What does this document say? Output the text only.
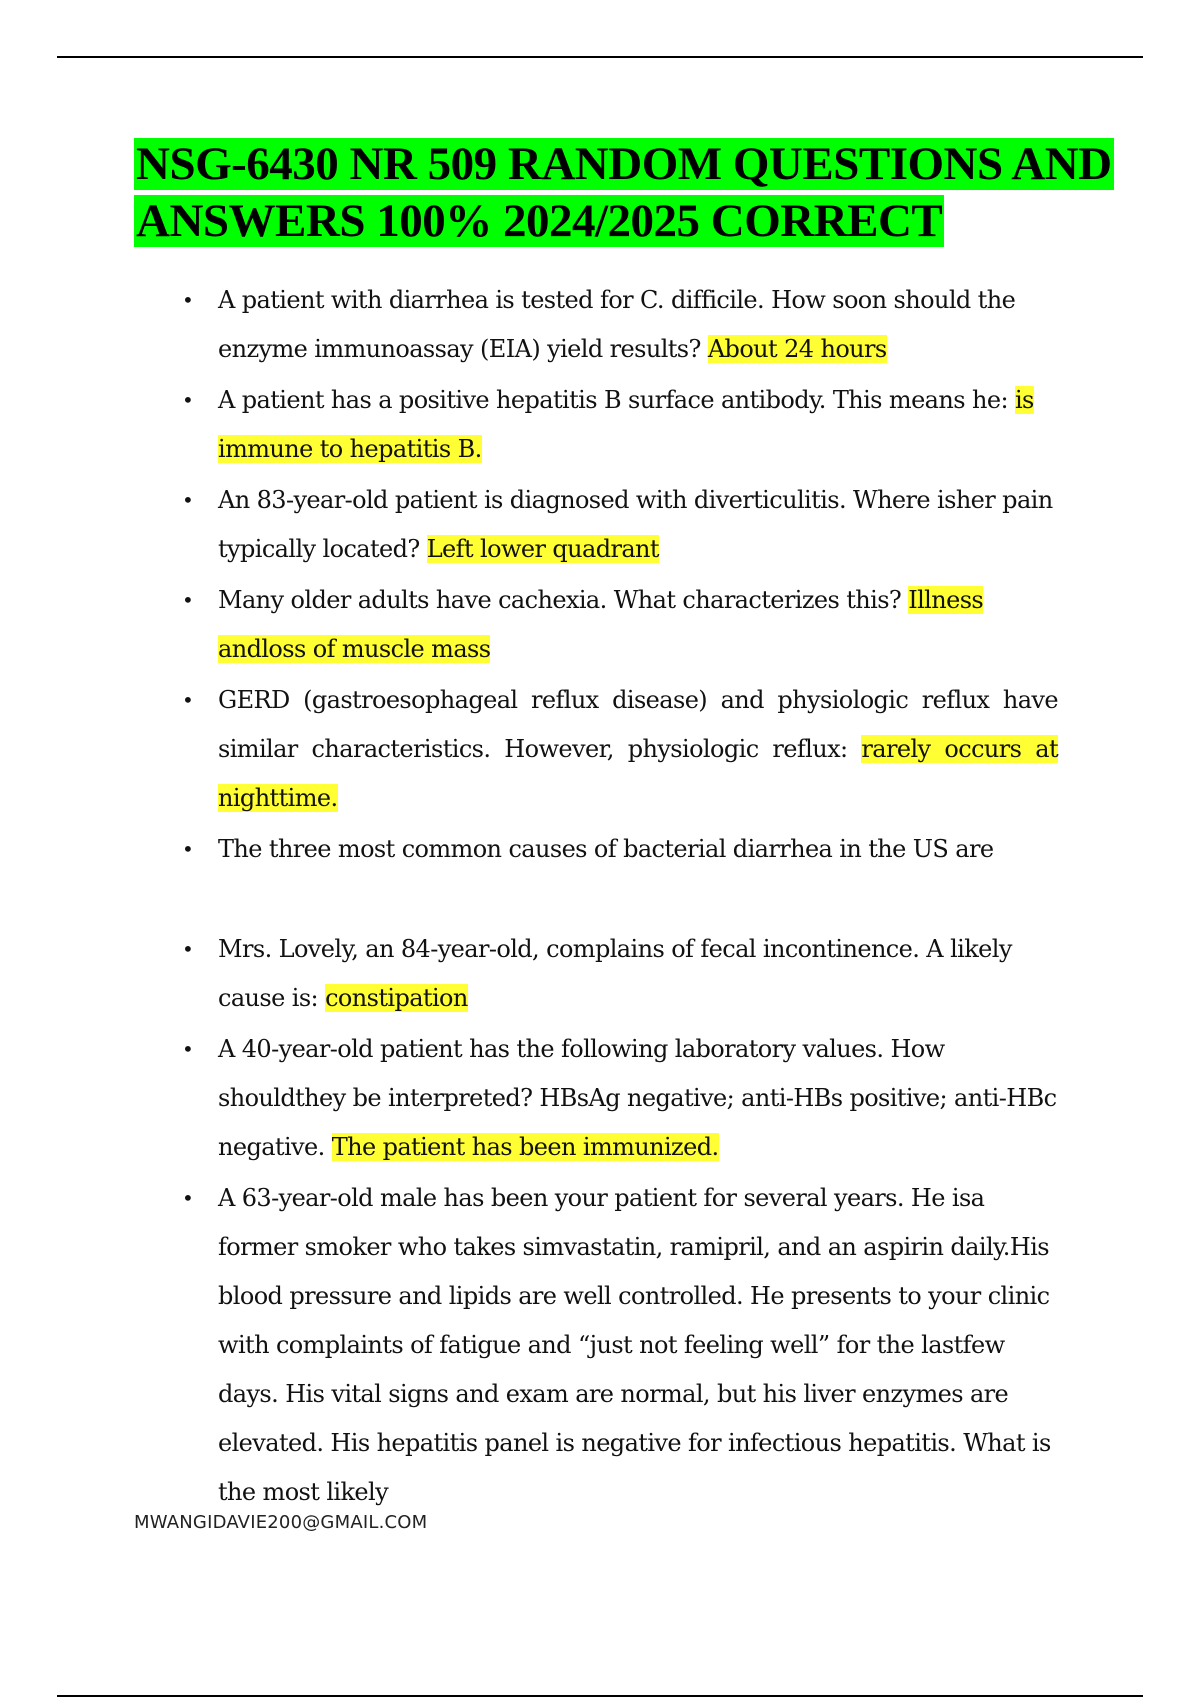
NSG-6430 NR 509 RANDOM QUESTIONS AND ANSWERS 100% 2024/2025 CORRECT
• A patient with diarrhea is tested for C. difficile. How soon should the enzyme immunoassay (EIA) yield results? About 24 hours
• A patient has a positive hepatitis B surface antibody. This means he: is immune to hepatitis B.
• An 83-year-old patient is diagnosed with diverticulitis. Where isher pain typically located? Left lower quadrant
• Many older adults have cachexia. What characterizes this? Illness andloss of muscle mass
• GERD (gastroesophageal reflux disease) and physiologic reflux have similar characteristics. However, physiologic reflux: rarely occurs at nighttime.
• The three most common causes of bacterial diarrhea in the US are
• Mrs. Lovely, an 84-year-old, complains of fecal incontinence. A likely cause is: constipation
• A 40-year-old patient has the following laboratory values. How shouldthey be interpreted? HBsAg negative; anti-HBs positive; anti-HBc negative. The patient has been immunized.
• A 63-year-old male has been your patient for several years. He isa former smoker who takes simvastatin, ramipril, and an aspirin daily.His blood pressure and lipids are well controlled. He presents to your clinic with complaints of fatigue and “just not feeling well” for the lastfew days. His vital signs and exam are normal, but his liver enzymes are elevated. His hepatitis panel is negative for infectious hepatitis. What is the most likely
MWANGIDAVIE200@GMAIL.COM
